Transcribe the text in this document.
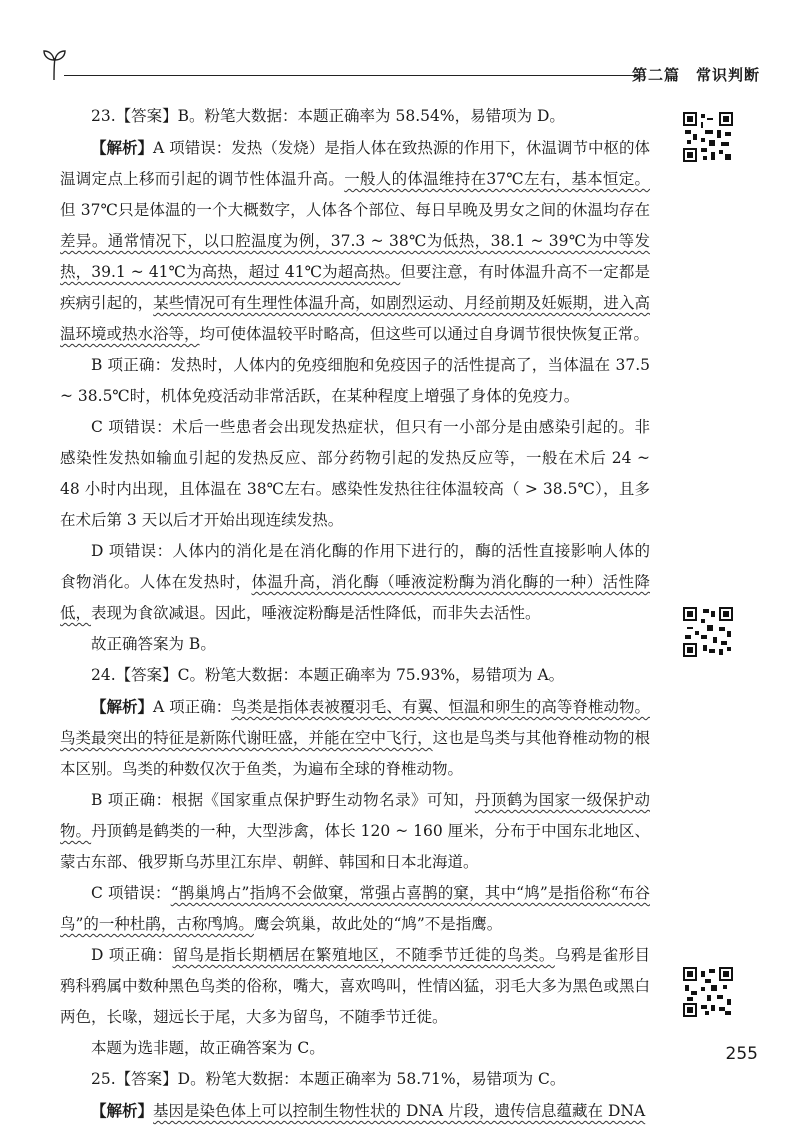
第二篇　常识判断

23.【答案】B。粉笔大数据：本题正确率为 58.54%，易错项为 D。

【解析】A 项错误：发热（发烧）是指人体在致热源的作用下，休温调节中枢的体温调定点上移而引起的调节性体温升高。一般人的体温维持在37℃左右，基本恒定。但 37℃只是体温的一个大概数字，人体各个部位、每日早晚及男女之间的休温均存在差异。通常情况下，以口腔温度为例，37.3 ~ 38℃为低热，38.1 ~ 39℃为中等发热，39.1 ~ 41℃为高热，超过 41℃为超高热。但要注意，有时体温升高不一定都是疾病引起的，某些情况可有生理性体温升高，如剧烈运动、月经前期及妊娠期，进入高温环境或热水浴等，均可使体温较平时略高，但这些可以通过自身调节很快恢复正常。

B 项正确：发热时，人体内的免疫细胞和免疫因子的活性提高了，当体温在 37.5 ~ 38.5℃时，机体免疫活动非常活跃，在某种程度上增强了身体的免疫力。

C 项错误：术后一些患者会出现发热症状，但只有一小部分是由感染引起的。非感染性发热如输血引起的发热反应、部分药物引起的发热反应等，一般在术后 24 ~ 48 小时内出现，且体温在 38℃左右。感染性发热往往体温较高（ > 38.5℃），且多在术后第 3 天以后才开始出现连续发热。

D 项错误：人体内的消化是在消化酶的作用下进行的，酶的活性直接影响人体的食物消化。人体在发热时，体温升高，消化酶（唾液淀粉酶为消化酶的一种）活性降低，表现为食欲减退。因此，唾液淀粉酶是活性降低，而非失去活性。

故正确答案为 B。

24.【答案】C。粉笔大数据：本题正确率为 75.93%，易错项为 A。

【解析】A 项正确：鸟类是指体表被覆羽毛、有翼、恒温和卵生的高等脊椎动物。鸟类最突出的特征是新陈代谢旺盛，并能在空中飞行，这也是鸟类与其他脊椎动物的根本区别。鸟类的种数仅次于鱼类，为遍布全球的脊椎动物。

B 项正确：根据《国家重点保护野生动物名录》可知，丹顶鹤为国家一级保护动物。丹顶鹤是鹤类的一种，大型涉禽，体长 120 ~ 160 厘米，分布于中国东北地区、蒙古东部、俄罗斯乌苏里江东岸、朝鲜、韩国和日本北海道。

C 项错误：“鹊巢鸠占”指鸠不会做窠，常强占喜鹊的窠，其中“鸠”是指俗称“布谷鸟”的一种杜鹃，古称鸤鸠。鹰会筑巢，故此处的“鸠”不是指鹰。

D 项正确：留鸟是指长期栖居在繁殖地区，不随季节迁徙的鸟类。乌鸦是雀形目鸦科鸦属中数种黑色鸟类的俗称，嘴大，喜欢鸣叫，性情凶猛，羽毛大多为黑色或黑白两色，长喙，翅远长于尾，大多为留鸟，不随季节迁徙。

本题为选非题，故正确答案为 C。

25.【答案】D。粉笔大数据：本题正确率为 58.71%，易错项为 C。

【解析】基因是染色体上可以控制生物性状的 DNA 片段，遗传信息蕴藏在 DNA

255
